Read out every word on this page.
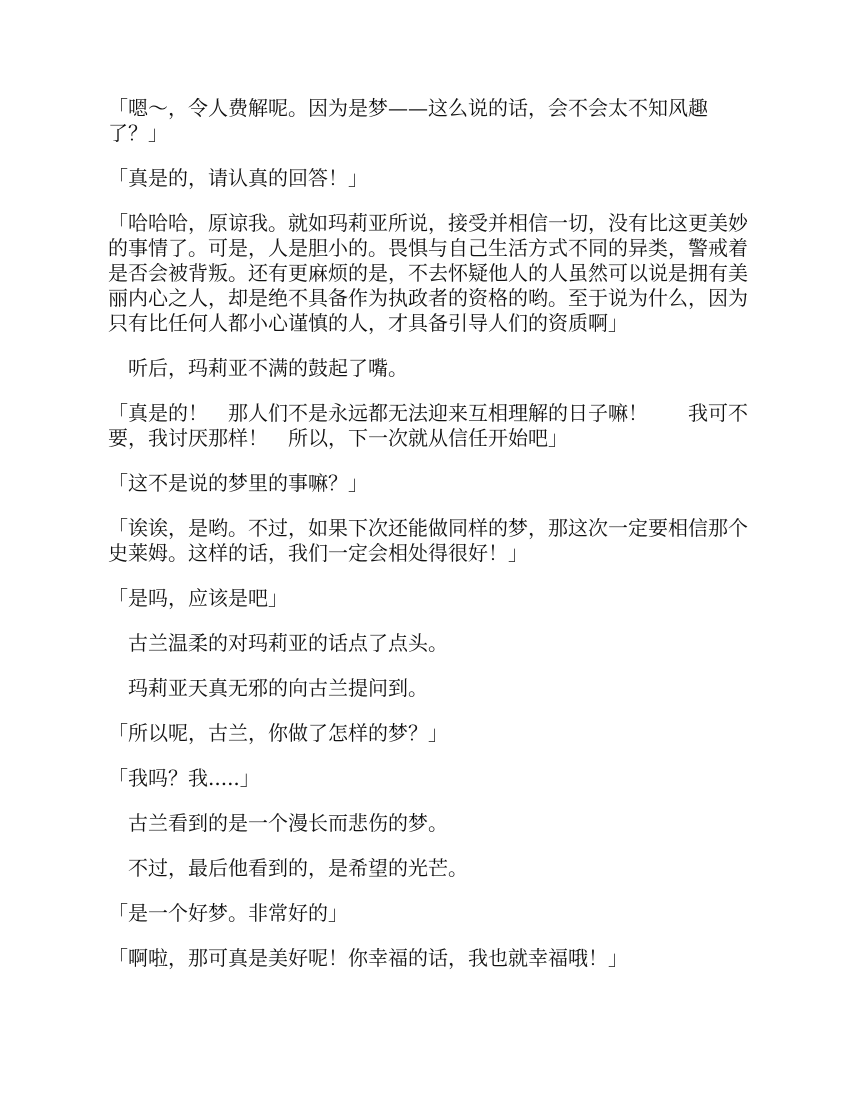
「嗯～，令人费解呢。因为是梦——这么说的话，会不会太不知风趣了？」

「真是的，请认真的回答！」

「哈哈哈，原谅我。就如玛莉亚所说，接受并相信一切，没有比这更美妙的事情了。可是，人是胆小的。畏惧与自己生活方式不同的异类，警戒着是否会被背叛。还有更麻烦的是，不去怀疑他人的人虽然可以说是拥有美丽内心之人，却是绝不具备作为执政者的资格的哟。至于说为什么，因为只有比任何人都小心谨慎的人，才具备引导人们的资质啊」

　听后，玛莉亚不满的鼓起了嘴。

「真是的！　那人们不是永远都无法迎来互相理解的日子嘛！　　我可不要，我讨厌那样！　所以，下一次就从信任开始吧」

「这不是说的梦里的事嘛？」

「诶诶，是哟。不过，如果下次还能做同样的梦，那这次一定要相信那个史莱姆。这样的话，我们一定会相处得很好！」

「是吗，应该是吧」

　古兰温柔的对玛莉亚的话点了点头。

　玛莉亚天真无邪的向古兰提问到。

「所以呢，古兰，你做了怎样的梦？」

「我吗？我.....」

　古兰看到的是一个漫长而悲伤的梦。

　不过，最后他看到的，是希望的光芒。

「是一个好梦。非常好的」

「啊啦，那可真是美好呢！你幸福的话，我也就幸福哦！」
